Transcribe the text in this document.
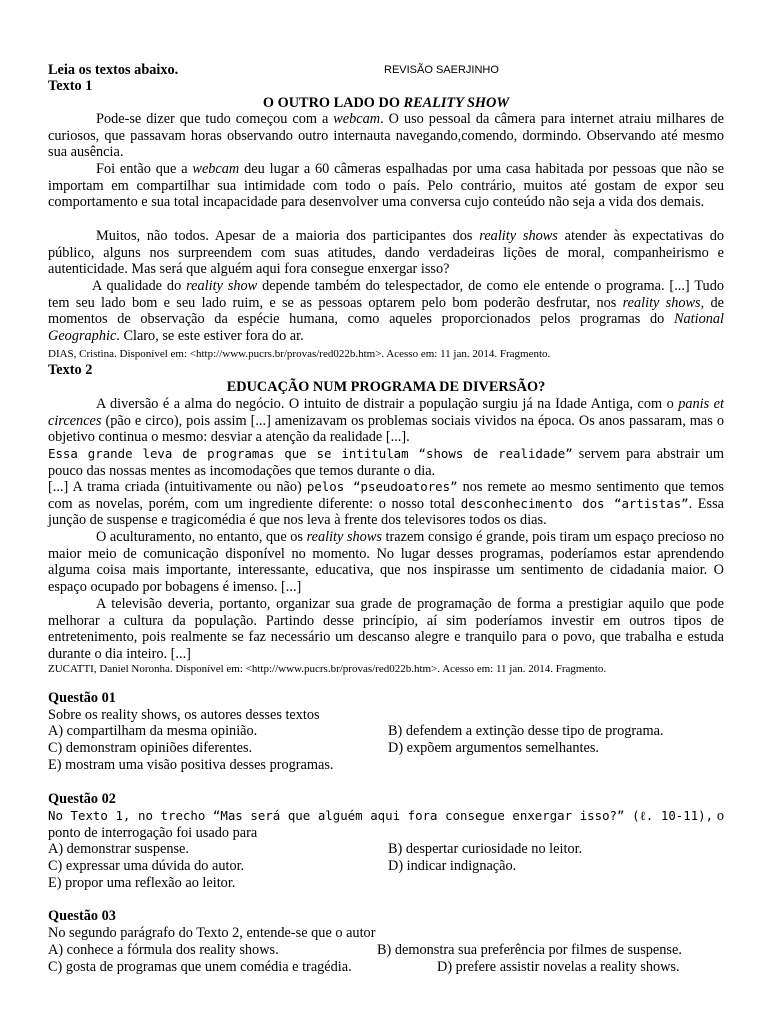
Leia os textos abaixo.
Texto 1
REVISÃO SAERJINHO
O OUTRO LADO DO REALITY SHOW

Pode-se dizer que tudo começou com a webcam. O uso pessoal da câmera para internet atraiu milhares de curiosos, que passavam horas observando outro internauta navegando,comendo, dormindo. Observando até mesmo sua ausência.

Foi então que a webcam deu lugar a 60 câmeras espalhadas por uma casa habitada por pessoas que não se importam em compartilhar sua intimidade com todo o país. Pelo contrário, muitos até gostam de expor seu comportamento e sua total incapacidade para desenvolver uma conversa cujo conteúdo não seja a vida dos demais.

Muitos, não todos. Apesar de a maioria dos participantes dos reality shows atender às expectativas do público, alguns nos surpreendem com suas atitudes, dando verdadeiras lições de moral, companheirismo e autenticidade. Mas será que alguém aqui fora consegue enxergar isso?

A qualidade do reality show depende também do telespectador, de como ele entende o programa. [...] Tudo tem seu lado bom e seu lado ruim, e se as pessoas optarem pelo bom poderão desfrutar, nos reality shows, de momentos de observação da espécie humana, como aqueles proporcionados pelos programas do National Geographic. Claro, se este estiver fora do ar.

DIAS, Cristina. Disponível em: <http://www.pucrs.br/provas/red022b.htm>. Acesso em: 11 jan. 2014. Fragmento.
Texto 2
EDUCAÇÃO NUM PROGRAMA DE DIVERSÃO?

A diversão é a alma do negócio. O intuito de distrair a população surgiu já na Idade Antiga, com o panis et circences (pão e circo), pois assim [...] amenizavam os problemas sociais vividos na época. Os anos passaram, mas o objetivo continua o mesmo: desviar a atenção da realidade [...].

Essa grande leva de programas que se intitulam “shows de realidade” servem para abstrair um pouco das nossas mentes as incomodações que temos durante o dia.

[...] A trama criada (intuitivamente ou não) pelos “pseudoatores” nos remete ao mesmo sentimento que temos com as novelas, porém, com um ingrediente diferente: o nosso total desconhecimento dos “artistas”. Essa junção de suspense e tragicomédia é que nos leva à frente dos televisores todos os dias.

O aculturamento, no entanto, que os reality shows trazem consigo é grande, pois tiram um espaço precioso no maior meio de comunicação disponível no momento. No lugar desses programas, poderíamos estar aprendendo alguma coisa mais importante, interessante, educativa, que nos inspirasse um sentimento de cidadania maior. O espaço ocupado por bobagens é imenso. [...]

A televisão deveria, portanto, organizar sua grade de programação de forma a prestigiar aquilo que pode melhorar a cultura da população. Partindo desse princípio, aí sim poderíamos investir em outros tipos de entretenimento, pois realmente se faz necessário um descanso alegre e tranquilo para o povo, que trabalha e estuda durante o dia inteiro. [...]

ZUCATTI, Daniel Noronha. Disponível em: <http://www.pucrs.br/provas/red022b.htm>. Acesso em: 11 jan. 2014. Fragmento.
Questão 01
Sobre os reality shows, os autores desses textos
A) compartilham da mesma opinião.	B) defendem a extinção desse tipo de programa.
C) demonstram opiniões diferentes.	D) expõem argumentos semelhantes.
E) mostram uma visão positiva desses programas.
Questão 02

No Texto 1, no trecho “Mas será que alguém aqui fora consegue enxergar isso?” (ℓ. 10-11), o ponto de interrogação foi usado para

A) demonstrar suspense.	B) despertar curiosidade no leitor.
C) expressar uma dúvida do autor.	D) indicar indignação.
E) propor uma reflexão ao leitor.
Questão 03
No segundo parágrafo do Texto 2, entende-se que o autor
A) conhece a fórmula dos reality shows.	B) demonstra sua preferência por filmes de suspense.
C) gosta de programas que unem comédia e tragédia.	D) prefere assistir novelas a reality shows.
